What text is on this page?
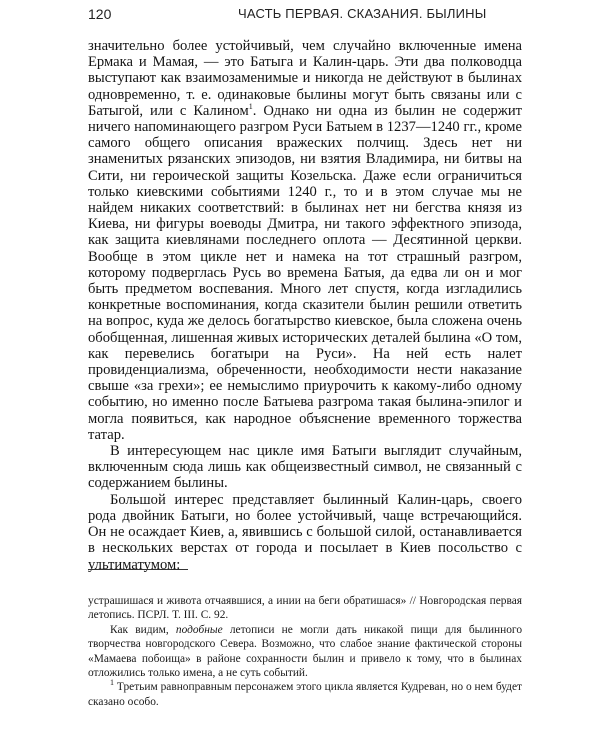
120	ЧАСТЬ ПЕРВАЯ. СКАЗАНИЯ. БЫЛИНЫ

значительно более устойчивый, чем случайно включенные имена Ермака и Мамая, — это Батыга и Калин-царь. Эти два полководца выступают как взаимозаменимые и никогда не действуют в былинах одновременно, т. е. одинаковые былины могут быть связаны или с Батыгой, или с Калином$^1$. Однако ни одна из былин не содержит ничего напоминающего разгром Руси Батыем в 1237—1240 гг., кроме самого общего описания вражеских полчищ. Здесь нет ни знаменитых рязанских эпизодов, ни взятия Владимира, ни битвы на Сити, ни героической защиты Козельска. Даже если ограничиться только киевскими событиями 1240 г., то и в этом случае мы не найдем никаких соответствий: в былинах нет ни бегства князя из Киева, ни фигуры воеводы Дмитра, ни такого эффектного эпизода, как защита киевлянами последнего оплота — Десятинной церкви. Вообще в этом цикле нет и намека на тот страшный разгром, которому подверглась Русь во времена Батыя, да едва ли он и мог быть предметом воспевания. Много лет спустя, когда изгладились конкретные воспоминания, когда сказители былин решили ответить на вопрос, куда же делось богатырство киевское, была сложена очень обобщенная, лишенная живых исторических деталей былина «О том, как перевелись богатыри на Руси». На ней есть налет провиденциализма, обреченности, необходимости нести наказание свыше «за грехи»; ее немыслимо приурочить к какому-либо одному событию, но именно после Батыева разгрома такая былина-эпилог и могла появиться, как народное объяснение временного торжества татар.

В интересующем нас цикле имя Батыги выглядит случайным, включенным сюда лишь как общеизвестный символ, не связанный с содержанием былины.

Большой интерес представляет былинный Калин-царь, своего рода двойник Батыги, но более устойчивый, чаще встречающийся. Он не осаждает Киев, а, явившись с большой силой, останавливается в нескольких верстах от города и посылает в Киев посольство с ультиматумом:

устрашишася и живота отчаявшися, а инии на беги обратишася» // Новгородская первая летопись. ПСРЛ. Т. III. С. 92.

Как видим, подобные летописи не могли дать никакой пищи для былинного творчества новгородского Севера. Возможно, что слабое знание фактической стороны «Мамаева побоища» в районе сохранности былин и привело к тому, что в былинах отложились только имена, а не суть событий.

$^1$ Третьим равноправным персонажем этого цикла является Кудреван, но о нем будет сказано особо.
